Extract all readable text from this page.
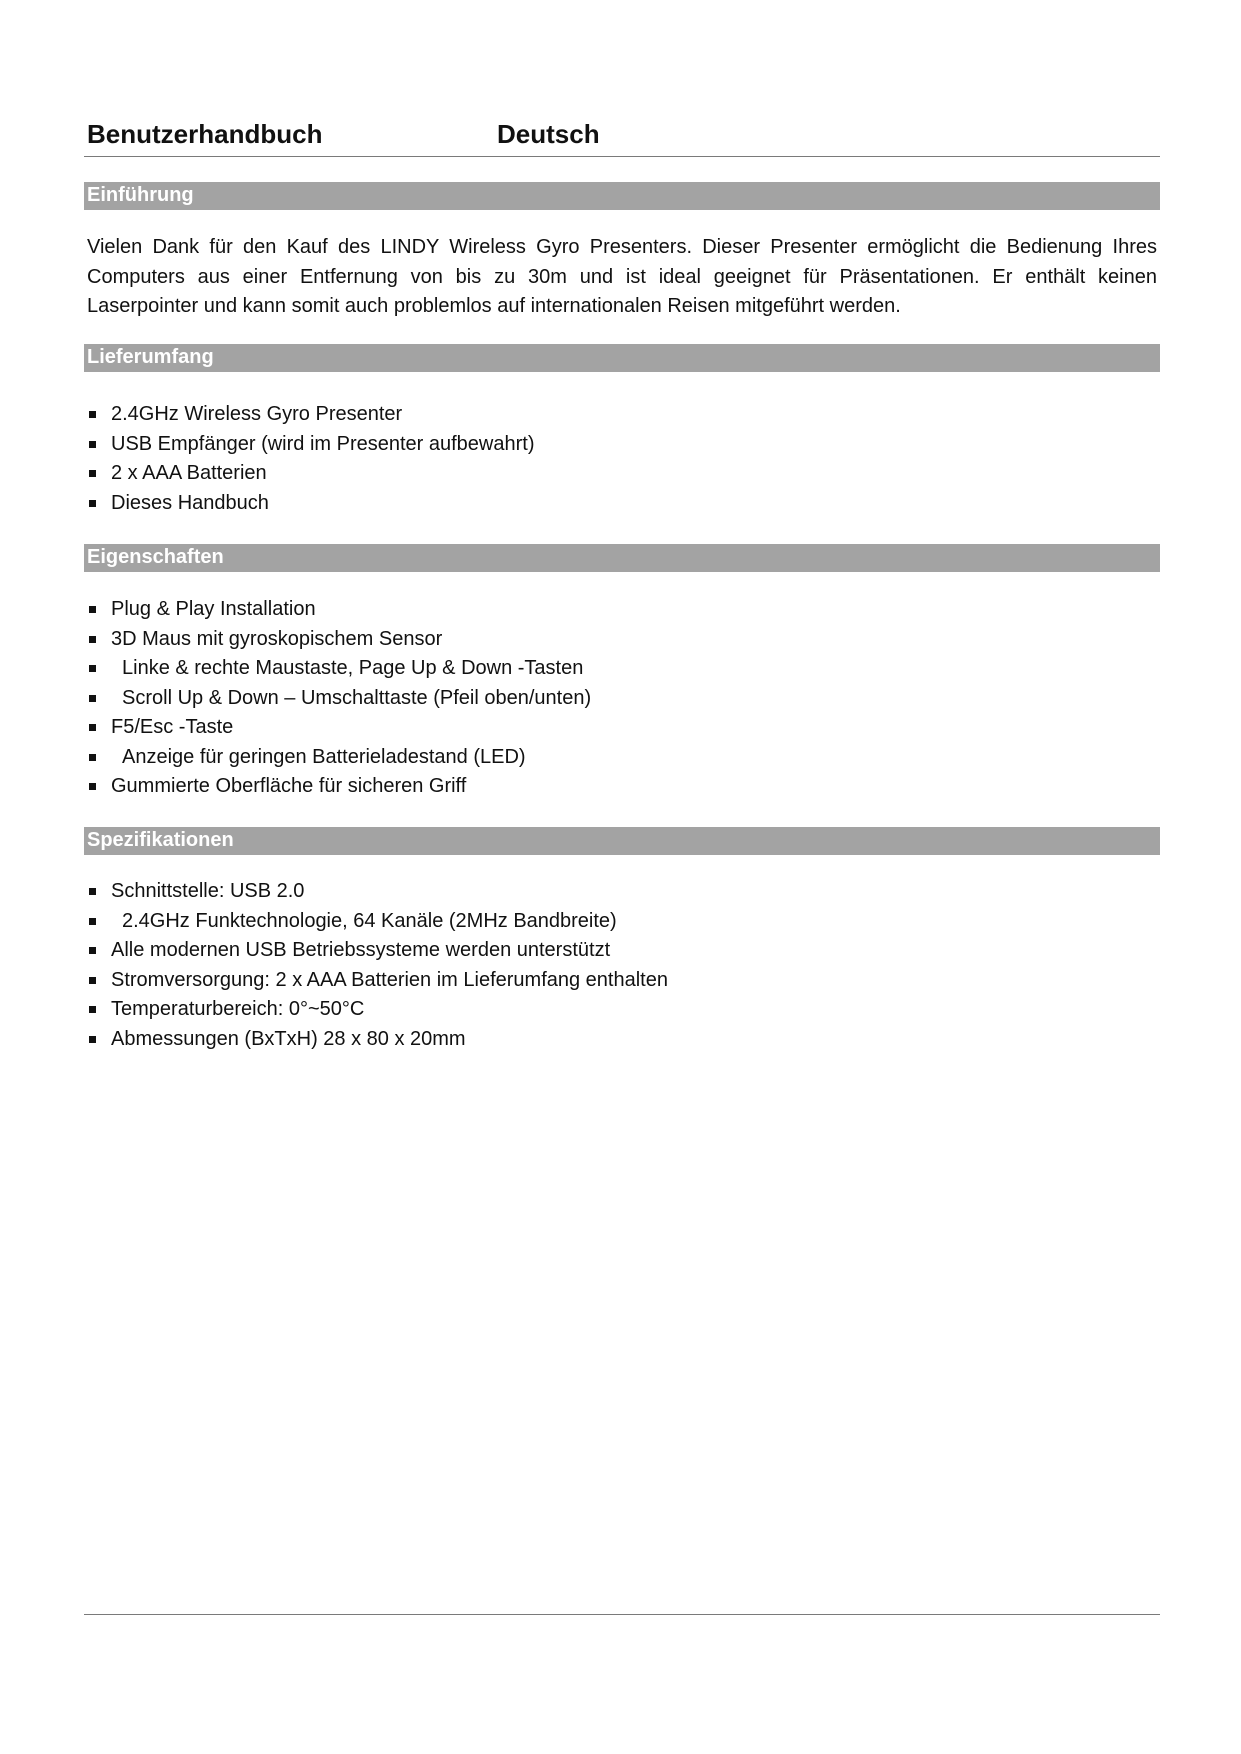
Benutzerhandbuch	Deutsch
Einführung

Vielen Dank für den Kauf des LINDY Wireless Gyro Presenters. Dieser Presenter ermöglicht die Bedienung Ihres Computers aus einer Entfernung von bis zu 30m und ist ideal geeignet für Präsentationen. Er enthält keinen Laserpointer und kann somit auch problemlos auf internationalen Reisen mitgeführt werden.

Lieferumfang
2.4GHz Wireless Gyro Presenter
USB Empfänger (wird im Presenter aufbewahrt)
2 x AAA Batterien
Dieses Handbuch
Eigenschaften
Plug & Play Installation
3D Maus mit gyroskopischem Sensor
Linke & rechte Maustaste, Page Up & Down -Tasten
Scroll Up & Down – Umschalttaste (Pfeil oben/unten)
F5/Esc -Taste
Anzeige für geringen Batterieladestand (LED)
Gummierte Oberfläche für sicheren Griff
Spezifikationen
Schnittstelle: USB 2.0
2.4GHz Funktechnologie, 64 Kanäle (2MHz Bandbreite)
Alle modernen USB Betriebssysteme werden unterstützt
Stromversorgung: 2 x AAA Batterien im Lieferumfang enthalten
Temperaturbereich: 0°~50°C
Abmessungen (BxTxH) 28 x 80 x 20mm
